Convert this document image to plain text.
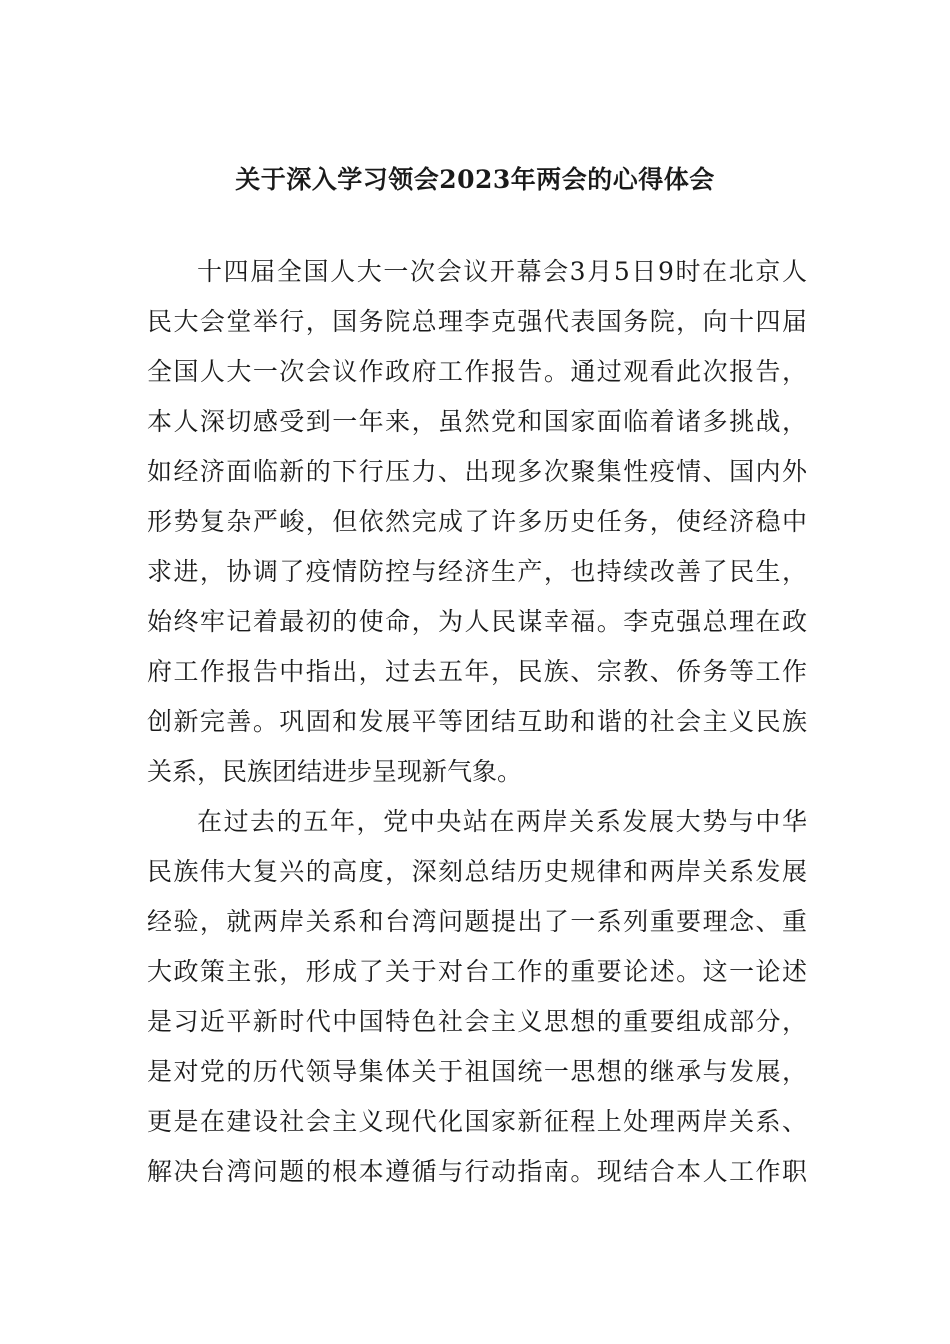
关于深入学习领会2023年两会的心得体会

十四届全国人大一次会议开幕会3月5日9时在北京人
民大会堂举行，国务院总理李克强代表国务院，向十四届
全国人大一次会议作政府工作报告。通过观看此次报告，
本人深切感受到一年来，虽然党和国家面临着诸多挑战，
如经济面临新的下行压力、出现多次聚集性疫情、国内外
形势复杂严峻，但依然完成了许多历史任务，使经济稳中
求进，协调了疫情防控与经济生产，也持续改善了民生，
始终牢记着最初的使命，为人民谋幸福。李克强总理在政
府工作报告中指出，过去五年，民族、宗教、侨务等工作
创新完善。巩固和发展平等团结互助和谐的社会主义民族
关系，民族团结进步呈现新气象。

在过去的五年，党中央站在两岸关系发展大势与中华
民族伟大复兴的高度，深刻总结历史规律和两岸关系发展
经验，就两岸关系和台湾问题提出了一系列重要理念、重
大政策主张，形成了关于对台工作的重要论述。这一论述
是习近平新时代中国特色社会主义思想的重要组成部分，
是对党的历代领导集体关于祖国统一思想的继承与发展，
更是在建设社会主义现代化国家新征程上处理两岸关系、
解决台湾问题的根本遵循与行动指南。现结合本人工作职
